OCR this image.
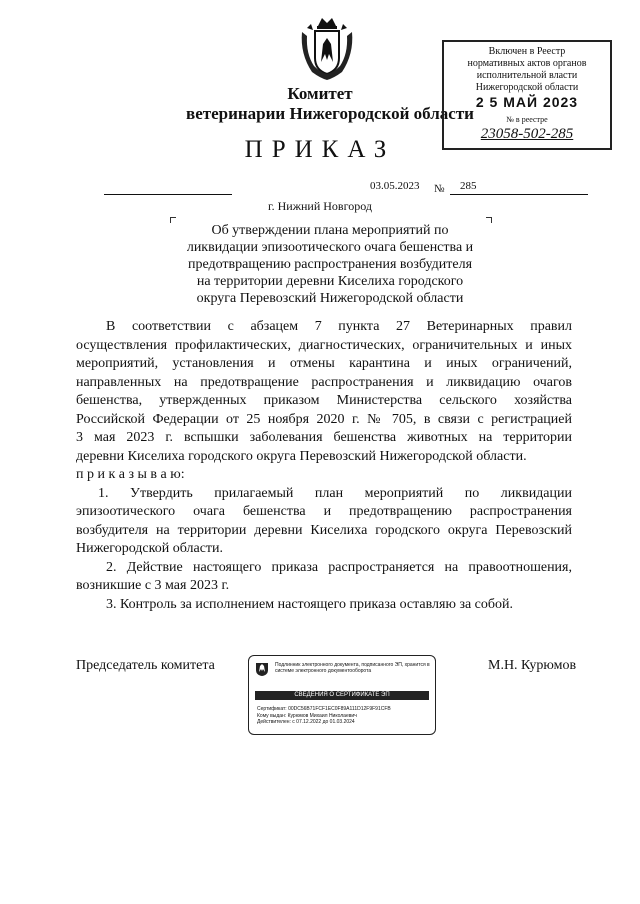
Комитет
ветеринарии Нижегородской области
ПРИКАЗ
Включен в Реестр
нормативных актов органов
исполнительной власти
Нижегородской области
2 5 МАЙ 2023
№ в реестре
23058-502-285
03.05.2023 № 285
г. Нижний Новгород
Об утверждении плана мероприятий по
ликвидации эпизоотического очага бешенства и
предотвращению распространения возбудителя
на территории деревни Киселиха городского
округа Перевозский Нижегородской области

В соответствии с абзацем 7 пункта 27 Ветеринарных правил
осуществления профилактических, диагностических, ограничительных и иных
мероприятий, установления и отмены карантина и иных ограничений,
направленных на предотвращение распространения и ликвидацию очагов
бешенства, утвержденных приказом Министерства сельского хозяйства
Российской Федерации от 25 ноября 2020 г. № 705, в связи с регистрацией
3 мая 2023 г. вспышки заболевания бешенства животных на территории
деревни Киселиха городского округа Перевозский Нижегородской области.

п р и к а з ы в а ю:

1. Утвердить прилагаемый план мероприятий по ликвидации
эпизоотического очага бешенства и предотвращению распространения
возбудителя на территории деревни Киселиха городского округа Перевозский
Нижегородской области.

2. Действие настоящего приказа распространяется на правоотношения,
возникшие с 3 мая 2023 г.

3. Контроль за исполнением настоящего приказа оставляю за собой.

Председатель комитета	Подлинник электронного документа, подписанного ЭП, хранится в системе электронного документооборота
СВЕДЕНИЯ О СЕРТИФИКАТЕ ЭП
Сертификат: 00DC56B71FCF1EC0F89A111D12F9F91CFB
Кому выдан: Курюмов Михаил Николаевич
Действителен: с 07.12.2022 до 01.03.2024
М.Н. Курюмов
